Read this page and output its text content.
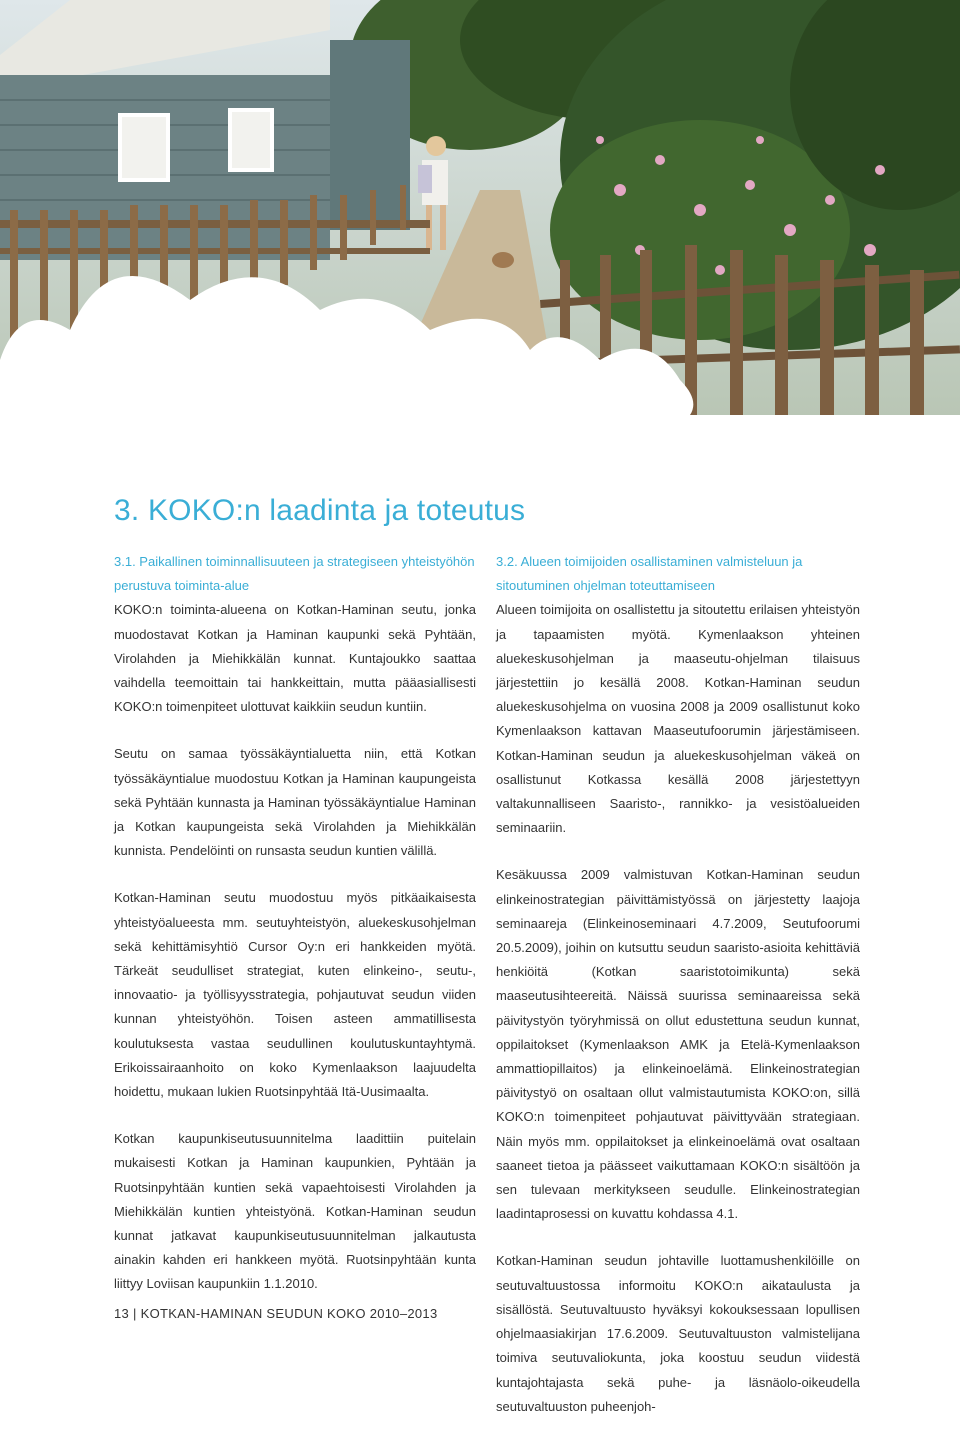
3. KOKO:n laadinta ja toteutus

3.1. Paikallinen toiminnallisuuteen ja strategiseen yhteistyöhön perustuva toiminta-alue

KOKO:n toiminta-alueena on Kotkan-Haminan seutu, jonka muodostavat Kotkan ja Haminan kaupunki sekä Pyhtään, Virolahden ja Miehikkälän kunnat. Kuntajoukko saattaa vaihdella teemoittain tai hankkeittain, mutta pääasiallisesti KOKO:n toimenpiteet ulottuvat kaikkiin seudun kuntiin.

Seutu on samaa työssäkäyntialuetta niin, että Kotkan työssäkäyntialue muodostuu Kotkan ja Haminan kaupungeista sekä Pyhtään kunnasta ja Haminan työssäkäyntialue Haminan ja Kotkan kaupungeista sekä Virolahden ja Miehikkälän kunnista. Pendelöinti on runsasta seudun kuntien välillä.

Kotkan-Haminan seutu muodostuu myös pitkäaikaisesta yhteistyöalueesta mm. seutuyhteistyön, aluekeskusohjelman sekä kehittämisyhtiö Cursor Oy:n eri hankkeiden myötä. Tärkeät seudulliset strategiat, kuten elinkeino-, seutu-, innovaatio- ja työllisyysstrategia, pohjautuvat seudun viiden kunnan yhteistyöhön. Toisen asteen ammatillisesta koulutuksesta vastaa seudullinen koulutuskuntayhtymä. Erikoissairaanhoito on koko Kymenlaakson laajuudelta hoidettu, mukaan lukien Ruotsinpyhtää Itä-Uusimaalta.

Kotkan kaupunkiseutusuunnitelma laadittiin puitelain mukaisesti Kotkan ja Haminan kaupunkien, Pyhtään ja Ruotsinpyhtään kuntien sekä vapaehtoisesti Virolahden ja Miehikkälän kuntien yhteistyönä. Kotkan-Haminan seudun kunnat jatkavat kaupunkiseutusuunnitelman jalkautusta ainakin kahden eri hankkeen myötä. Ruotsinpyhtään kunta liittyy Loviisan kaupunkiin 1.1.2010.

3.2. Alueen toimijoiden osallistaminen valmisteluun ja sitoutuminen ohjelman toteuttamiseen

Alueen toimijoita on osallistettu ja sitoutettu erilaisen yhteistyön ja tapaamisten myötä. Kymenlaakson yhteinen aluekeskusohjelman ja maaseutu-ohjelman tilaisuus järjestettiin jo kesällä 2008. Kotkan-Haminan seudun aluekeskusohjelma on vuosina 2008 ja 2009 osallistunut koko Kymenlaakson kattavan Maaseutufoorumin järjestämiseen. Kotkan-Haminan seudun ja aluekeskusohjelman väkeä on osallistunut Kotkassa kesällä 2008 järjestettyyn valtakunnalliseen Saaristo-, rannikko- ja vesistöalueiden seminaariin.

Kesäkuussa 2009 valmistuvan Kotkan-Haminan seudun elinkeinostrategian päivittämistyössä on järjestetty laajoja seminaareja (Elinkeinoseminaari 4.7.2009, Seutufoorumi 20.5.2009), joihin on kutsuttu seudun saaristo-asioita kehittäviä henkiöitä (Kotkan saaristotoimikunta) sekä maaseutusihteereitä. Näissä suurissa seminaareissa sekä päivitystyön työryhmissä on ollut edustettuna seudun kunnat, oppilaitokset (Kymenlaakson AMK ja Etelä-Kymenlaakson ammattiopillaitos) ja elinkeinoelämä. Elinkeinostrategian päivitystyö on osaltaan ollut valmistautumista KOKO:on, sillä KOKO:n toimenpiteet pohjautuvat päivittyvään strategiaan. Näin myös mm. oppilaitokset ja elinkeinoelämä ovat osaltaan saaneet tietoa ja päässeet vaikuttamaan KOKO:n sisältöön ja sen tulevaan merkitykseen seudulle. Elinkeinostrategian laadintaprosessi on kuvattu kohdassa 4.1.

Kotkan-Haminan seudun johtaville luottamushenkilöille on seutuvaltuustossa informoitu KOKO:n aikataulusta ja sisällöstä. Seutuvaltuusto hyväksyi kokouksessaan lopullisen ohjelmaasiakirjan 17.6.2009. Seutuvaltuuston valmistelijana toimiva seutuvaliokunta, joka koostuu seudun viidestä kuntajohtajasta sekä puhe- ja läsnäolo-oikeudella seutuvaltuuston puheenjoh-

13 | KOTKAN-HAMINAN SEUDUN KOKO 2010–2013
